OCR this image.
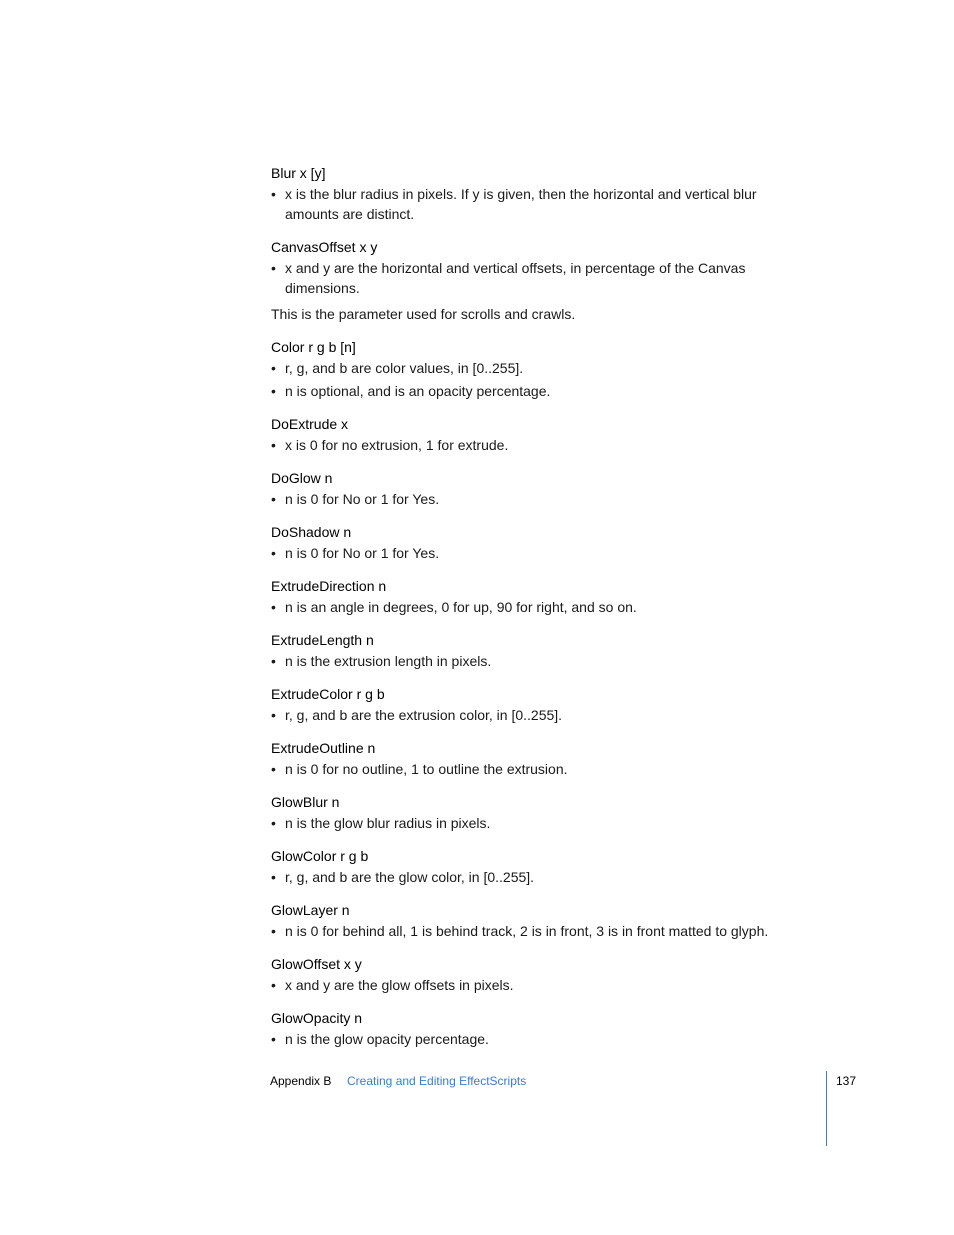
Blur x [y]
• x is the blur radius in pixels. If y is given, then the horizontal and vertical blur amounts are distinct.
CanvasOffset x y
• x and y are the horizontal and vertical offsets, in percentage of the Canvas dimensions.

This is the parameter used for scrolls and crawls.

Color r g b [n]
• r, g, and b are color values, in [0..255].
• n is optional, and is an opacity percentage.
DoExtrude x
• x is 0 for no extrusion, 1 for extrude.
DoGlow n
• n is 0 for No or 1 for Yes.
DoShadow n
• n is 0 for No or 1 for Yes.
ExtrudeDirection n
• n is an angle in degrees, 0 for up, 90 for right, and so on.
ExtrudeLength n
• n is the extrusion length in pixels.
ExtrudeColor r g b
• r, g, and b are the extrusion color, in [0..255].
ExtrudeOutline n
• n is 0 for no outline, 1 to outline the extrusion.
GlowBlur n
• n is the glow blur radius in pixels.
GlowColor r g b
• r, g, and b are the glow color, in [0..255].
GlowLayer n
• n is 0 for behind all, 1 is behind track, 2 is in front, 3 is in front matted to glyph.
GlowOffset x y
• x and y are the glow offsets in pixels.
GlowOpacity n
• n is the glow opacity percentage.
Appendix B Creating and Editing EffectScripts	137
